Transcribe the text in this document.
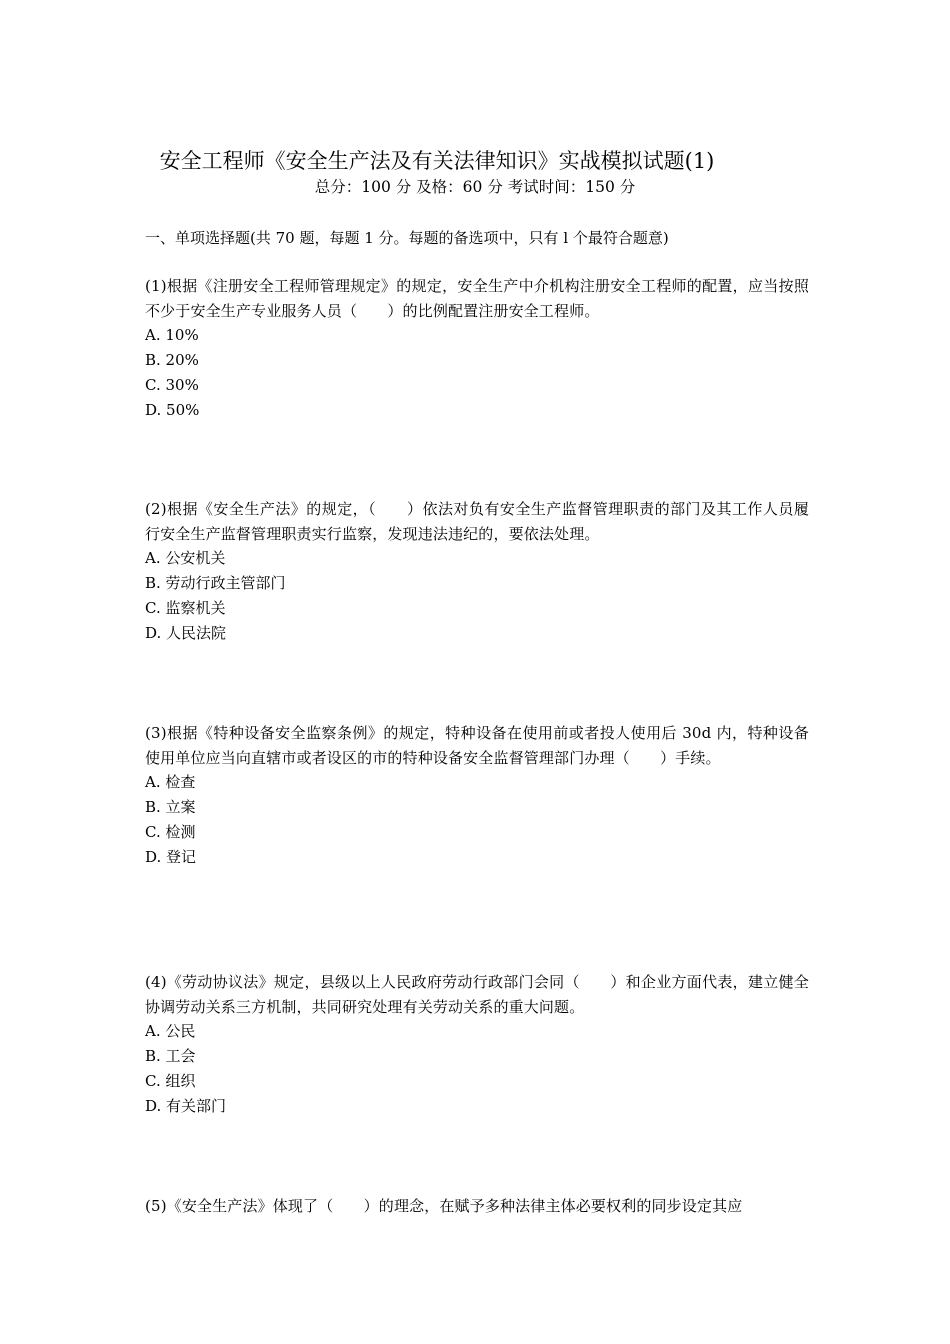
安全工程师《安全生产法及有关法律知识》实战模拟试题(1)
总分：100 分 及格：60 分 考试时间：150 分
一、单项选择题(共 70 题，每题 1 分。每题的备选项中，只有 l 个最符合题意)
(1)根据《注册安全工程师管理规定》的规定，安全生产中介机构注册安全工程师的配置，应当按照不少于安全生产专业服务人员（　　）的比例配置注册安全工程师。
A. 10%
B. 20%
C. 30%
D. 50%
(2)根据《安全生产法》的规定，（　　）依法对负有安全生产监督管理职责的部门及其工作人员履行安全生产监督管理职责实行监察，发现违法违纪的，要依法处理。
A. 公安机关
B. 劳动行政主管部门
C. 监察机关
D. 人民法院
(3)根据《特种设备安全监察条例》的规定，特种设备在使用前或者投人使用后 30d 内，特种设备使用单位应当向直辖市或者设区的市的特种设备安全监督管理部门办理（　　）手续。
A. 检查
B. 立案
C. 检测
D. 登记
(4)《劳动协议法》规定，县级以上人民政府劳动行政部门会同（　　）和企业方面代表，建立健全协调劳动关系三方机制，共同研究处理有关劳动关系的重大问题。
A. 公民
B. 工会
C. 组织
D. 有关部门
(5)《安全生产法》体现了（　　）的理念，在赋予多种法律主体必要权利的同步设定其应
